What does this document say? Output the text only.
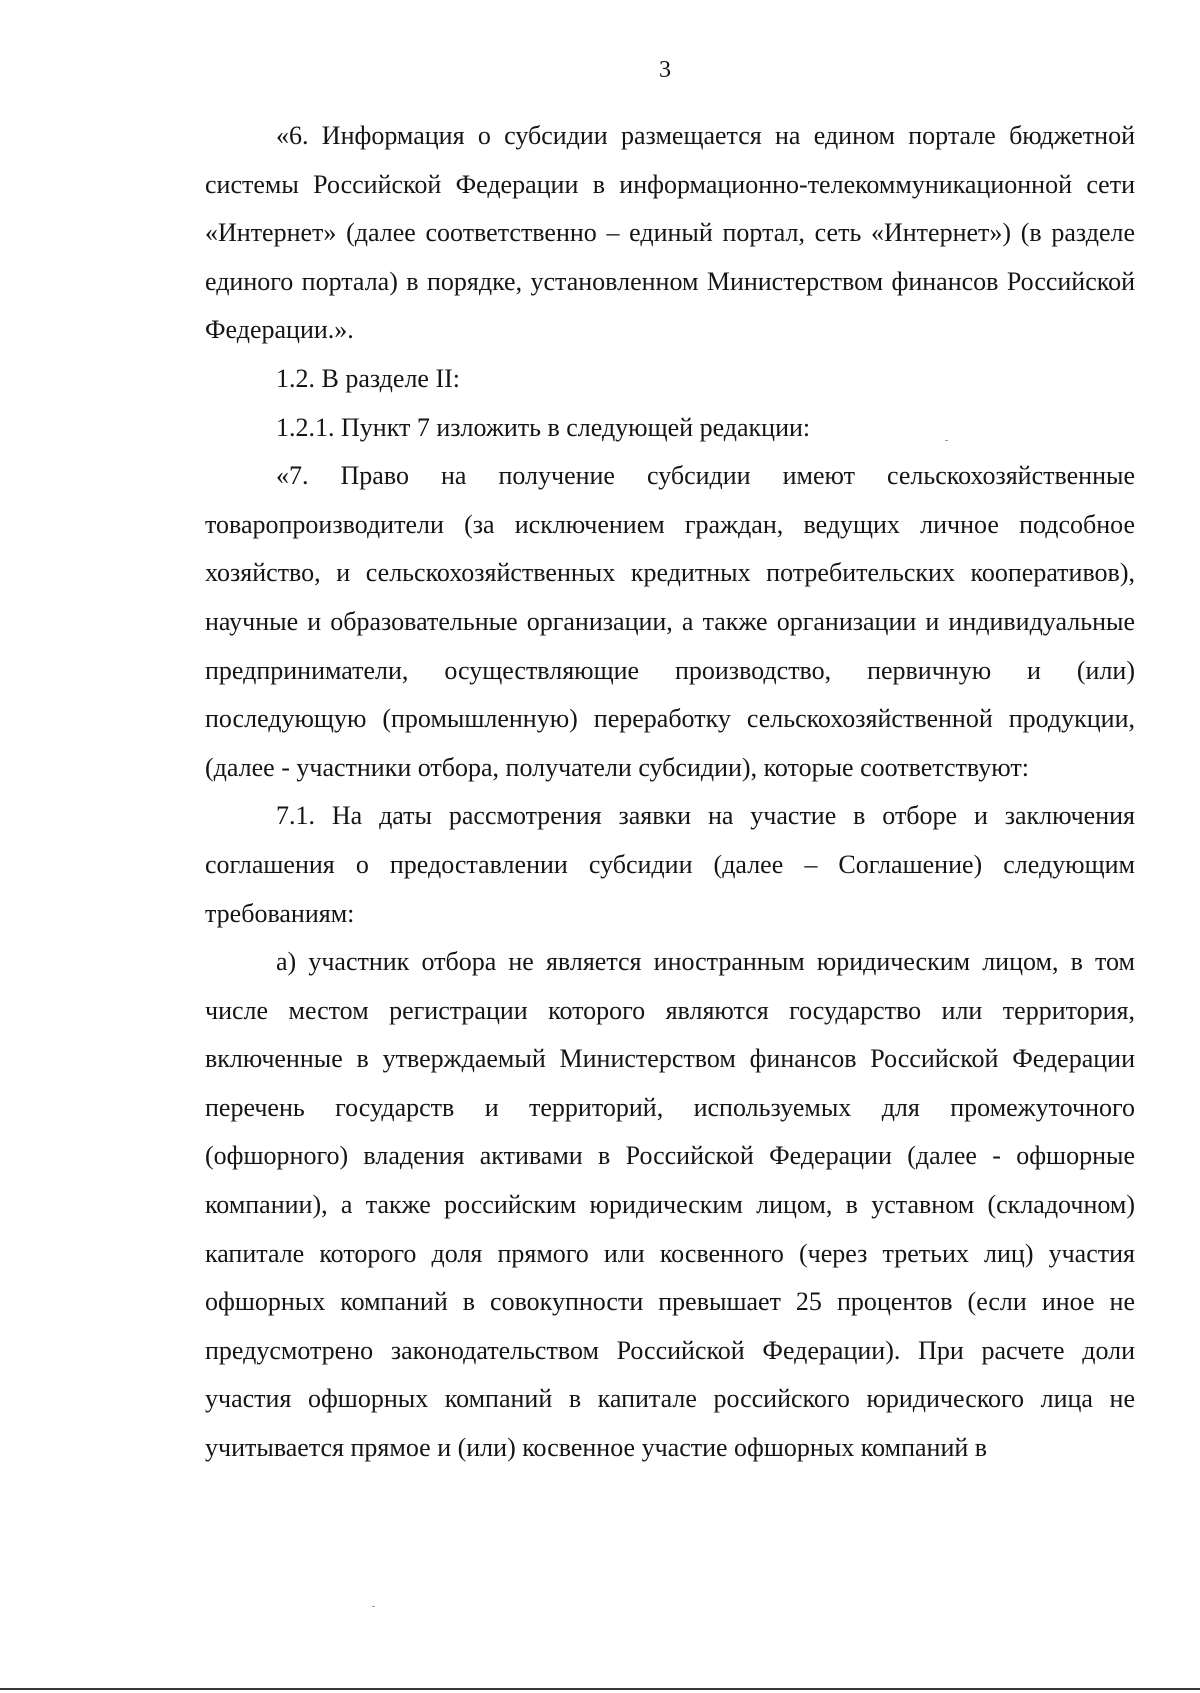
3

«6. Информация о субсидии размещается на едином портале бюджетной системы Российской Федерации в информационно-телекоммуникационной сети «Интернет» (далее соответственно – единый портал, сеть «Интернет») (в разделе единого портала) в порядке, установленном Министерством финансов Российской Федерации.».

1.2. В разделе II:

1.2.1. Пункт 7 изложить в следующей редакции:

«7. Право на получение субсидии имеют сельскохозяйственные товаропроизводители (за исключением граждан, ведущих личное подсобное хозяйство, и сельскохозяйственных кредитных потребительских кооперативов), научные и образовательные организации, а также организации и индивидуальные предприниматели, осуществляющие производство, первичную и (или) последующую (промышленную) переработку сельскохозяйственной продукции, (далее - участники отбора, получатели субсидии), которые соответствуют:

7.1. На даты рассмотрения заявки на участие в отборе и заключения соглашения о предоставлении субсидии (далее – Соглашение) следующим требованиям:

а) участник отбора не является иностранным юридическим лицом, в том числе местом регистрации которого являются государство или территория, включенные в утверждаемый Министерством финансов Российской Федерации перечень государств и территорий, используемых для промежуточного (офшорного) владения активами в Российской Федерации (далее - офшорные компании), а также российским юридическим лицом, в уставном (складочном) капитале которого доля прямого или косвенного (через третьих лиц) участия офшорных компаний в совокупности превышает 25 процентов (если иное не предусмотрено законодательством Российской Федерации). При расчете доли участия офшорных компаний в капитале российского юридического лица не учитывается прямое и (или) косвенное участие офшорных компаний в
